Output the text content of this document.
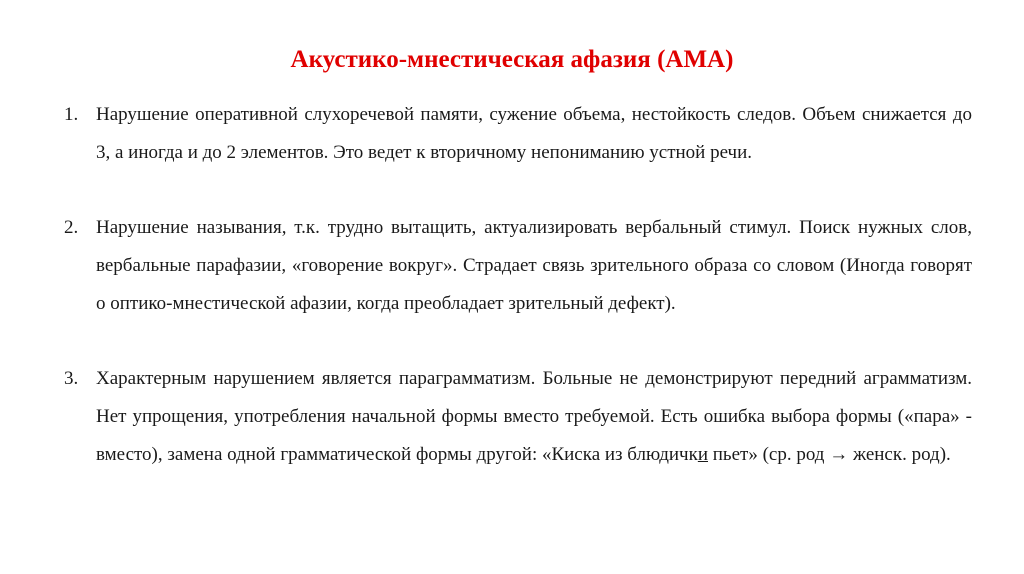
Акустико-мнестическая афазия (АМА)
1. Нарушение оперативной слухоречевой памяти, сужение объема, нестойкость следов. Объем снижается до 3, а иногда и до 2 элементов. Это ведет к вторичному непониманию устной речи.
2. Нарушение называния, т.к. трудно вытащить, актуализировать вербальный стимул. Поиск нужных слов, вербальные парафазии, «говорение вокруг». Страдает связь зрительного образа со словом (Иногда говорят о оптико-мнестической афазии, когда преобладает зрительный дефект).
3. Характерным нарушением является параграмматизм. Больные не демонстрируют передний аграмматизм. Нет упрощения, употребления начальной формы вместо требуемой. Есть ошибка выбора формы («пара» - вместо), замена одной грамматической формы другой: «Киска из блюдички пьет» (ср. род → женск. род).
